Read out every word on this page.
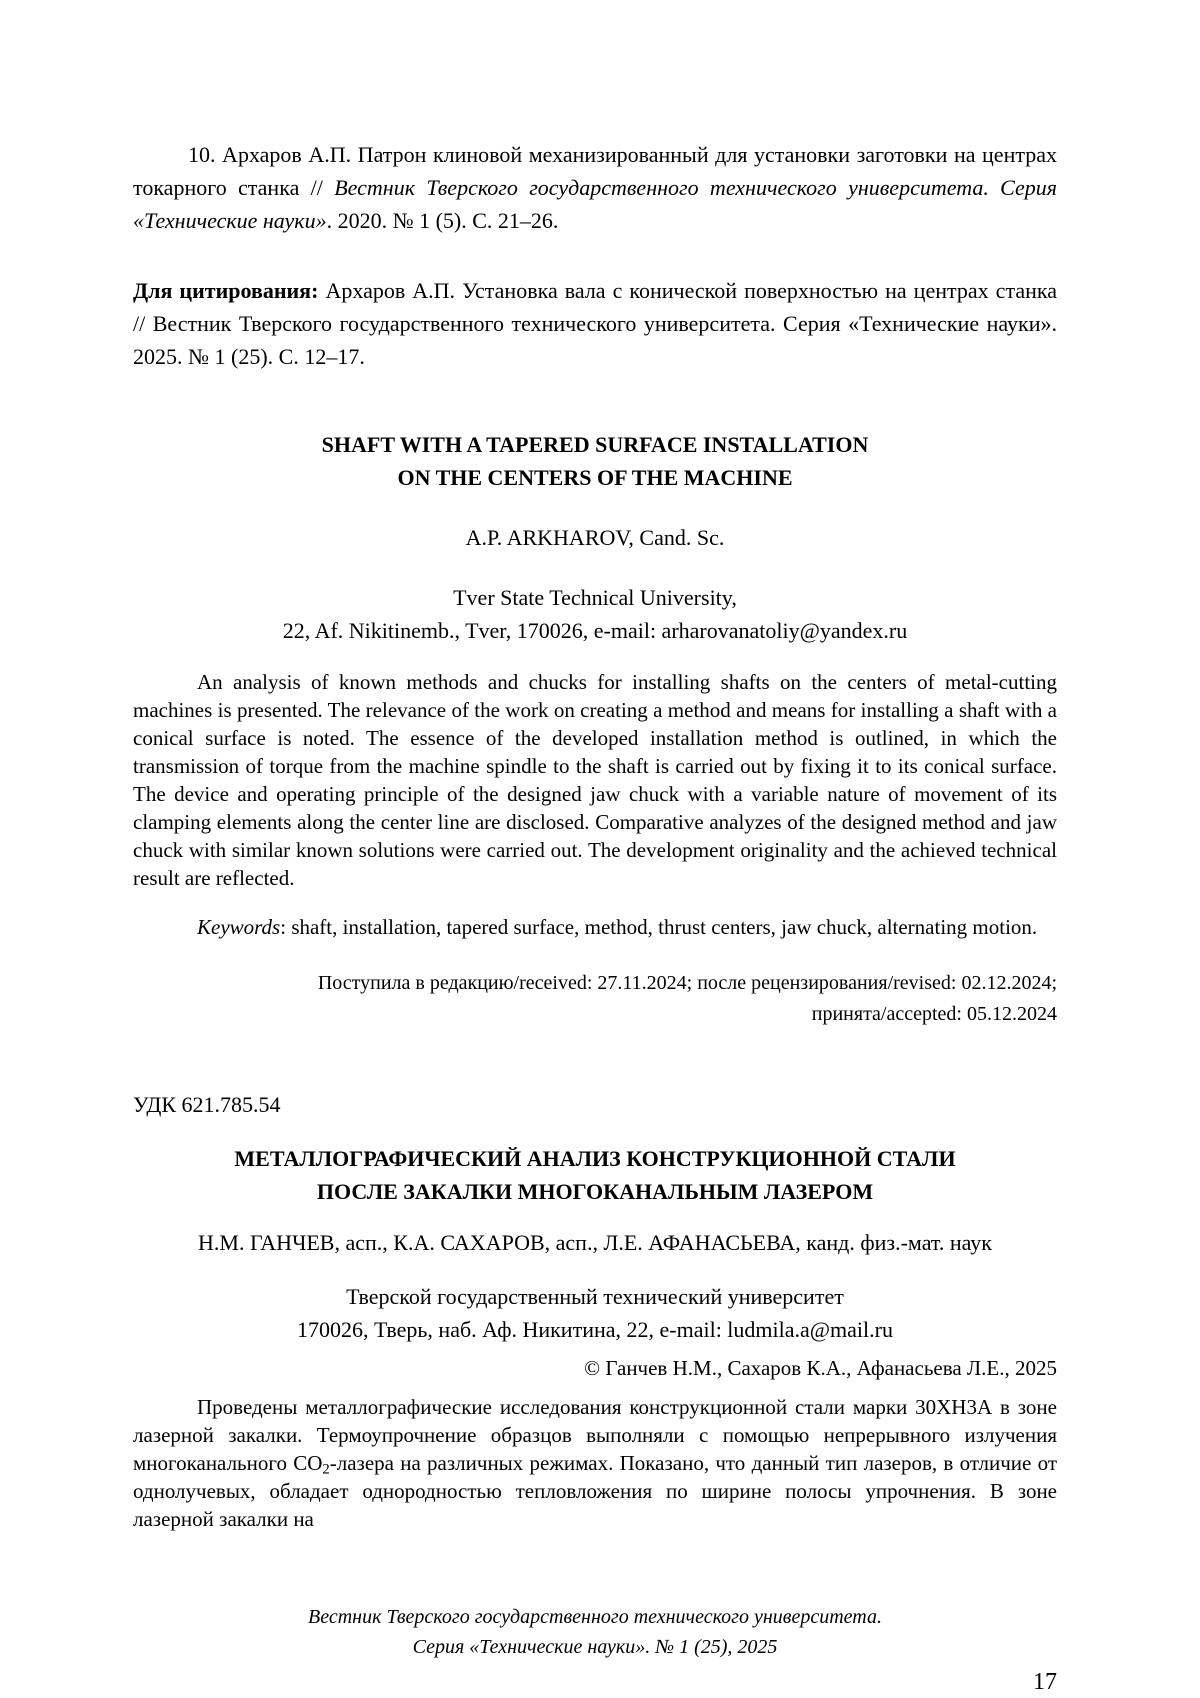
10. Архаров А.П. Патрон клиновой механизированный для установки заготовки на центрах токарного станка // Вестник Тверского государственного технического университета. Серия «Технические науки». 2020. № 1 (5). С. 21–26.

Для цитирования: Архаров А.П. Установка вала с конической поверхностью на центрах станка // Вестник Тверского государственного технического университета. Серия «Технические науки». 2025. № 1 (25). С. 12–17.

SHAFT WITH A TAPERED SURFACE INSTALLATION
ON THE CENTERS OF THE MACHINE
A.P. ARKHAROV, Cand. Sc.
Tver State Technical University,
22, Af. Nikitinemb., Tver, 170026, e-mail: arharovanatoliy@yandex.ru

An analysis of known methods and chucks for installing shafts on the centers of metal-cutting machines is presented. The relevance of the work on creating a method and means for installing a shaft with a conical surface is noted. The essence of the developed installation method is outlined, in which the transmission of torque from the machine spindle to the shaft is carried out by fixing it to its conical surface. The device and operating principle of the designed jaw chuck with a variable nature of movement of its clamping elements along the center line are disclosed. Comparative analyzes of the designed method and jaw chuck with similar known solutions were carried out. The development originality and the achieved technical result are reflected.

Keywords: shaft, installation, tapered surface, method, thrust centers, jaw chuck, alternating motion.

Поступила в редакцию/received: 27.11.2024; после рецензирования/revised: 02.12.2024;
принята/accepted: 05.12.2024
УДК 621.785.54
МЕТАЛЛОГРАФИЧЕСКИЙ АНАЛИЗ КОНСТРУКЦИОННОЙ СТАЛИ
ПОСЛЕ ЗАКАЛКИ МНОГОКАНАЛЬНЫМ ЛАЗЕРОМ
Н.М. ГАНЧЕВ, асп., К.А. САХАРОВ, асп., Л.Е. АФАНАСЬЕВА, канд. физ.-мат. наук
Тверской государственный технический университет
170026, Тверь, наб. Аф. Никитина, 22, e-mail: ludmila.a@mail.ru
© Ганчев Н.М., Сахаров К.А., Афанасьева Л.Е., 2025

Проведены металлографические исследования конструкционной стали марки 30ХН3А в зоне лазерной закалки. Термоупрочнение образцов выполняли с помощью непрерывного излучения многоканального $СО_2$-лазера на различных режимах. Показано, что данный тип лазеров, в отличие от однолучевых, обладает однородностью тепловложения по ширине полосы упрочнения. В зоне лазерной закалки на

Вестник Тверского государственного технического университета.
Серия «Технические науки». № 1 (25), 2025
17
